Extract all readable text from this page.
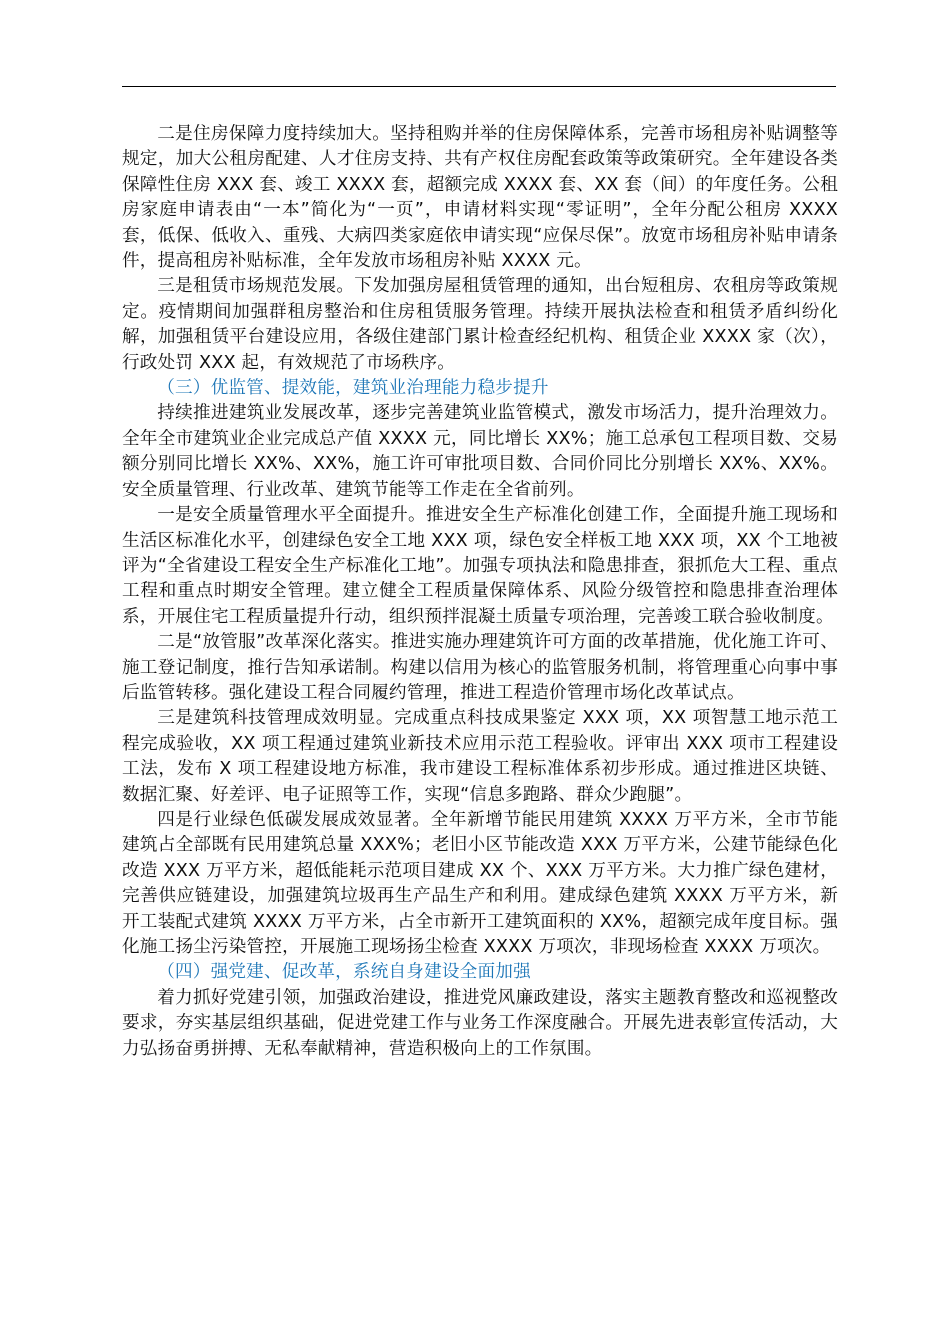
二是住房保障力度持续加大。坚持租购并举的住房保障体系，完善市场租房补贴调整等规定，加大公租房配建、人才住房支持、共有产权住房配套政策等政策研究。全年建设各类保障性住房 XXX 套、竣工 XXXX 套，超额完成 XXXX 套、XX 套（间）的年度任务。公租房家庭申请表由“一本”简化为“一页”，申请材料实现“零证明”，全年分配公租房 XXXX 套，低保、低收入、重残、大病四类家庭依申请实现“应保尽保”。放宽市场租房补贴申请条件，提高租房补贴标准，全年发放市场租房补贴 XXXX 元。

三是租赁市场规范发展。下发加强房屋租赁管理的通知，出台短租房、农租房等政策规定。疫情期间加强群租房整治和住房租赁服务管理。持续开展执法检查和租赁矛盾纠纷化解，加强租赁平台建设应用，各级住建部门累计检查经纪机构、租赁企业 XXXX 家（次），行政处罚 XXX 起，有效规范了市场秩序。

（三）优监管、提效能，建筑业治理能力稳步提升

持续推进建筑业发展改革，逐步完善建筑业监管模式，激发市场活力，提升治理效力。全年全市建筑业企业完成总产值 XXXX 元，同比增长 XX%；施工总承包工程项目数、交易额分别同比增长 XX%、XX%，施工许可审批项目数、合同价同比分别增长 XX%、XX%。安全质量管理、行业改革、建筑节能等工作走在全省前列。

一是安全质量管理水平全面提升。推进安全生产标准化创建工作，全面提升施工现场和生活区标准化水平，创建绿色安全工地 XXX 项，绿色安全样板工地 XXX 项，XX 个工地被评为“全省建设工程安全生产标准化工地”。加强专项执法和隐患排查，狠抓危大工程、重点工程和重点时期安全管理。建立健全工程质量保障体系、风险分级管控和隐患排查治理体系，开展住宅工程质量提升行动，组织预拌混凝土质量专项治理，完善竣工联合验收制度。

二是“放管服”改革深化落实。推进实施办理建筑许可方面的改革措施，优化施工许可、施工登记制度，推行告知承诺制。构建以信用为核心的监管服务机制，将管理重心向事中事后监管转移。强化建设工程合同履约管理，推进工程造价管理市场化改革试点。

三是建筑科技管理成效明显。完成重点科技成果鉴定 XXX 项，XX 项智慧工地示范工程完成验收，XX 项工程通过建筑业新技术应用示范工程验收。评审出 XXX 项市工程建设工法，发布 X 项工程建设地方标准，我市建设工程标准体系初步形成。通过推进区块链、数据汇聚、好差评、电子证照等工作，实现“信息多跑路、群众少跑腿”。

四是行业绿色低碳发展成效显著。全年新增节能民用建筑 XXXX 万平方米，全市节能建筑占全部既有民用建筑总量 XXX%；老旧小区节能改造 XXX 万平方米，公建节能绿色化改造 XXX 万平方米，超低能耗示范项目建成 XX 个、XXX 万平方米。大力推广绿色建材，完善供应链建设，加强建筑垃圾再生产品生产和利用。建成绿色建筑 XXXX 万平方米，新开工装配式建筑 XXXX 万平方米，占全市新开工建筑面积的 XX%，超额完成年度目标。强化施工扬尘污染管控，开展施工现场扬尘检查 XXXX 万项次，非现场检查 XXXX 万项次。

（四）强党建、促改革，系统自身建设全面加强

着力抓好党建引领，加强政治建设，推进党风廉政建设，落实主题教育整改和巡视整改要求，夯实基层组织基础，促进党建工作与业务工作深度融合。开展先进表彰宣传活动，大力弘扬奋勇拼搏、无私奉献精神，营造积极向上的工作氛围。
